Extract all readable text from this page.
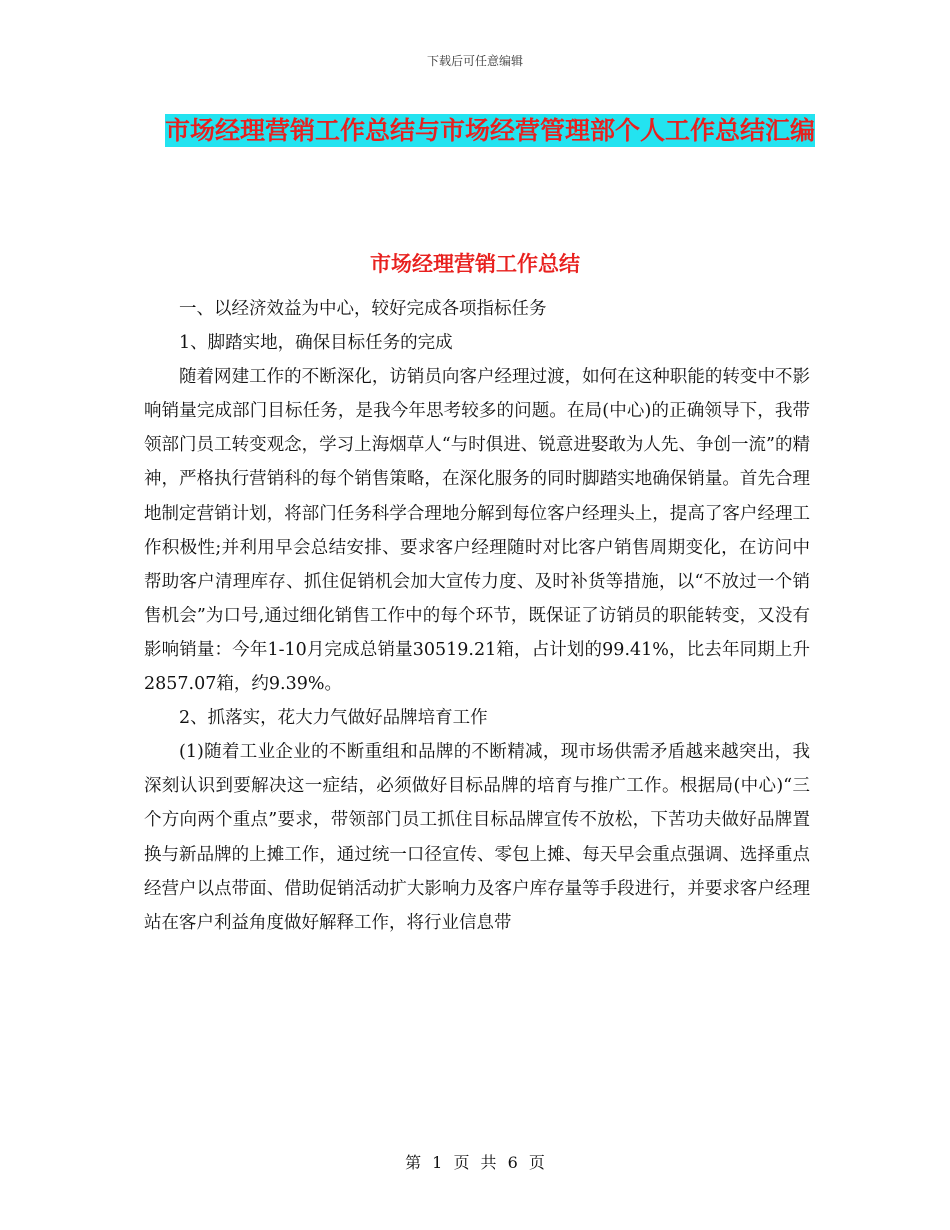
下载后可任意编辑
市场经理营销工作总结与市场经营管理部个人工作总结汇编
市场经理营销工作总结

一、以经济效益为中心，较好完成各项指标任务

1、脚踏实地，确保目标任务的完成

随着网建工作的不断深化，访销员向客户经理过渡，如何在这种职能的转变中不影响销量完成部门目标任务，是我今年思考较多的问题。在局(中心)的正确领导下，我带领部门员工转变观念，学习上海烟草人“与时俱进、锐意进娶敢为人先、争创一流”的精神，严格执行营销科的每个销售策略，在深化服务的同时脚踏实地确保销量。首先合理地制定营销计划，将部门任务科学合理地分解到每位客户经理头上，提高了客户经理工作积极性;并利用早会总结安排、要求客户经理随时对比客户销售周期变化，在访问中帮助客户清理库存、抓住促销机会加大宣传力度、及时补货等措施，以“不放过一个销售机会”为口号,通过细化销售工作中的每个环节，既保证了访销员的职能转变，又没有影响销量：今年1-10月完成总销量30519.21箱，占计划的99.41%，比去年同期上升2857.07箱，约9.39%。

2、抓落实，花大力气做好品牌培育工作

(1)随着工业企业的不断重组和品牌的不断精减，现市场供需矛盾越来越突出，我深刻认识到要解决这一症结，必须做好目标品牌的培育与推广工作。根据局(中心)“三个方向两个重点”要求，带领部门员工抓住目标品牌宣传不放松，下苦功夫做好品牌置换与新品牌的上摊工作，通过统一口径宣传、零包上摊、每天早会重点强调、选择重点经营户以点带面、借助促销活动扩大影响力及客户库存量等手段进行，并要求客户经理站在客户利益角度做好解释工作，将行业信息带

第 1 页 共 6 页
